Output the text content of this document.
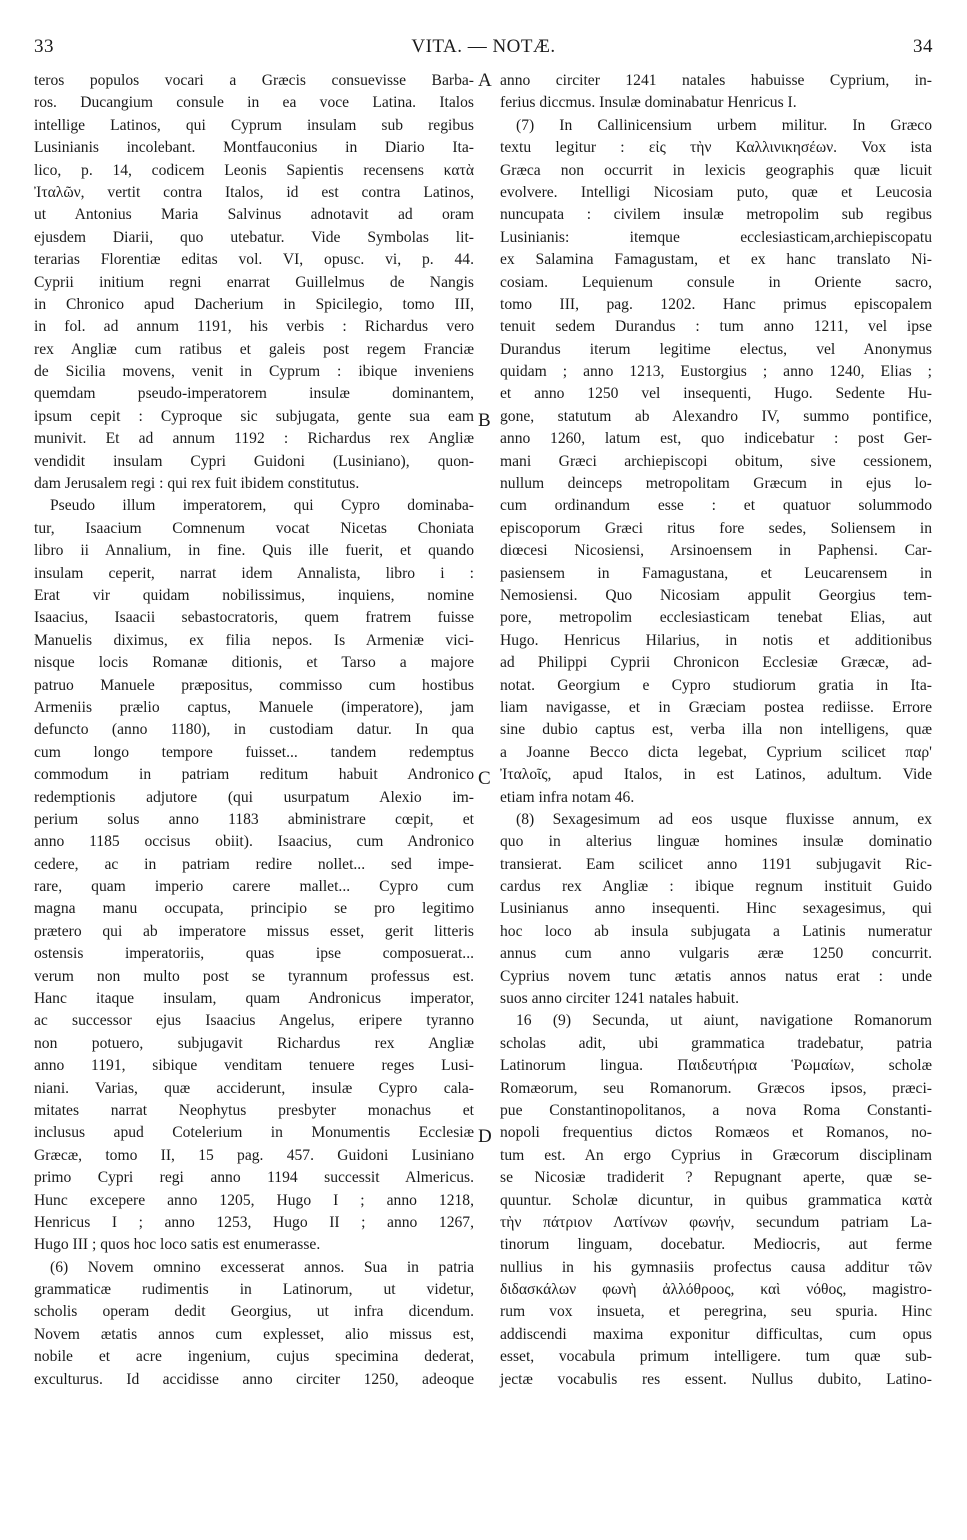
33	VITA. — NOTÆ.	34
teros populos vocari a Græcis consuevisse Barba-
ros. Ducangium consule in ea voce Latina. Italos
intellige Latinos, qui Cyprum insulam sub regibus
Lusinianis incolebant. Montfauconius in Diario Ita-
lico, p. 14, codicem Leonis Sapientis recensens κατὰ
Ἰταλῶν, vertit contra Italos, id est contra Latinos,
ut Antonius Maria Salvinus adnotavit ad oram
ejusdem Diarii, quo utebatur. Vide Symbolas lit-
terarias Florentiæ editas vol. VI, opusc. vi, p. 44.
Cyprii initium regni enarrat Guillelmus de Nangis
in Chronico apud Dacherium in Spicilegio, tomo III,
in fol. ad annum 1191, his verbis : Richardus vero
rex Angliæ cum ratibus et galeis post regem Franciæ
de Sicilia movens, venit in Cyprum : ibique inveniens
quemdam pseudo-imperatorem insulæ dominantem,
ipsum cepit : Cyproque sic subjugata, gente sua eam
munivit. Et ad annum 1192 : Richardus rex Angliæ
vendidit insulam Cypri Guidoni (Lusiniano), quon-
dam Jerusalem regi : qui rex fuit ibidem constitutus.
Pseudo illum imperatorem, qui Cypro dominaba-
tur, Isaacium Comnenum vocat Nicetas Choniata
libro ii Annalium, in fine. Quis ille fuerit, et quando
insulam ceperit, narrat idem Annalista, libro i :
Erat vir quidam nobilissimus, inquiens, nomine
Isaacius, Isaacii sebastocratoris, quem fratrem fuisse
Manuelis diximus, ex filia nepos. Is Armeniæ vici-
nisque locis Romanæ ditionis, et Tarso a majore
patruo Manuele præpositus, commisso cum hostibus
Armeniis prælio captus, Manuele (imperatore), jam
defuncto (anno 1180), in custodiam datur. In qua
cum longo tempore fuisset... tandem redemptus
commodum in patriam reditum habuit Andronico
redemptionis adjutore (qui usurpatum Alexio im-
perium solus anno 1183 abministrare cœpit, et
anno 1185 occisus obiit). Isaacius, cum Andronico
cedere, ac in patriam redire nollet... sed impe-
rare, quam imperio carere mallet... Cypro cum
magna manu occupata, principio se pro legitimo
prætero qui ab imperatore missus esset, gerit litteris
ostensis imperatoriis, quas ipse composuerat...
verum non multo post se tyrannum professus est.
Hanc itaque insulam, quam Andronicus imperator,
ac successor ejus Isaacius Angelus, eripere tyranno
non potuero, subjugavit Richardus rex Angliæ
anno 1191, sibique venditam tenuere reges Lusi-
niani. Varias, quæ acciderunt, insulæ Cypro cala-
mitates narrat Neophytus presbyter monachus et
inclusus apud Cotelerium in Monumentis Ecclesiæ
Græcæ, tomo II, 15 pag. 457. Guidoni Lusiniano
primo Cypri regi anno 1194 successit Almericus.
Hunc excepere anno 1205, Hugo I ; anno 1218,
Henricus I ; anno 1253, Hugo II ; anno 1267,
Hugo III ; quos hoc loco satis est enumerasse.
(6) Novem omnino excesserat annos. Sua in patria
grammaticæ rudimentis in Latinorum, ut videtur,
scholis operam dedit Georgius, ut infra dicendum.
Novem ætatis annos cum explesset, alio missus est,
nobile et acre ingenium, cujus specimina dederat,
exculturus. Id accidisse anno circiter 1250, adeoque
anno circiter 1241 natales habuisse Cyprium, in-
ferius diccmus. Insulæ dominabatur Henricus I.
(7) In Callinicensium urbem militur. In Græco
textu legitur : εἰς τὴν Καλλινικησέων. Vox ista
Græca non occurrit in lexicis geographis quæ licuit
evolvere. Intelligi Nicosiam puto, quæ et Leucosia
nuncupata : civilem insulæ metropolim sub regibus
Lusinianis: itemque ecclesiasticam,archiepiscopatu
ex Salamina Famagustam, et ex hanc translato Ni-
cosiam. Lequienum consule in Oriente sacro,
tomo III, pag. 1202. Hanc primus episcopalem
tenuit sedem Durandus : tum anno 1211, vel ipse
Durandus iterum legitime electus, vel Anonymus
quidam ; anno 1213, Eustorgius ; anno 1240, Elias ;
et anno 1250 vel insequenti, Hugo. Sedente Hu-
gone, statutum ab Alexandro IV, summo pontifice,
anno 1260, latum est, quo indicebatur : post Ger-
mani Græci archiepiscopi obitum, sive cessionem,
nullum deinceps metropolitam Græcum in ejus lo-
cum ordinandum esse : et quatuor solummodo
episcoporum Græci ritus fore sedes, Soliensem in
diœcesi Nicosiensi, Arsinoensem in Paphensi. Car-
pasiensem in Famagustana, et Leucarensem in
Nemosiensi. Quo Nicosiam appulit Georgius tem-
pore, metropolim ecclesiasticam tenebat Elias, aut
Hugo. Henricus Hilarius, in notis et additionibus
ad Philippi Cyprii Chronicon Ecclesiæ Græcæ, ad-
notat. Georgium e Cypro studiorum gratia in Ita-
liam navigasse, et in Græciam postea rediisse. Errore
sine dubio captus est, verba illa non intelligens, quæ
a Joanne Becco dicta legebat, Cyprium scilicet παρ'
Ἰταλοῖς, apud Italos, in est Latinos, adultum. Vide
etiam infra notam 46.
(8) Sexagesimum ad eos usque fluxisse annum, ex
quo in alterius linguæ homines insulæ dominatio
transierat. Eam scilicet anno 1191 subjugavit Ric-
cardus rex Angliæ : ibique regnum instituit Guido
Lusinianus anno insequenti. Hinc sexagesimus, qui
hoc loco ab insula subjugata a Latinis numeratur
annus cum anno vulgaris æræ 1250 concurrit.
Cyprius novem tunc ætatis annos natus erat : unde
suos anno circiter 1241 natales habuit.
16 (9) Secunda, ut aiunt, navigatione Romanorum
scholas adit, ubi grammatica tradebatur, patria
Latinorum lingua. Παιδευτήρια Ῥωμαίων, scholæ
Romæorum, seu Romanorum. Græcos ipsos, præci-
pue Constantinopolitanos, a nova Roma Constanti-
nopoli frequentius dictos Romæos et Romanos, no-
tum est. An ergo Cyprius in Græcorum disciplinam
se Nicosiæ tradiderit ? Repugnant aperte, quæ se-
quuntur. Scholæ dicuntur, in quibus grammatica κατὰ
τὴν πάτριον Λατίνων φωνήν, secundum patriam La-
tinorum linguam, docebatur. Mediocris, aut ferme
nullius in his gymnasiis profectus causa additur τῶν
διδασκάλων φωνὴ ἀλλόθροος, καὶ νόθος, magistro-
rum vox insueta, et peregrina, seu spuria. Hinc
addiscendi maxima exponitur difficultas, cum opus
esset, vocabula primum intelligere. tum quæ sub-
jectæ vocabulis res essent. Nullus dubito, Latino-
A
B
C
D
